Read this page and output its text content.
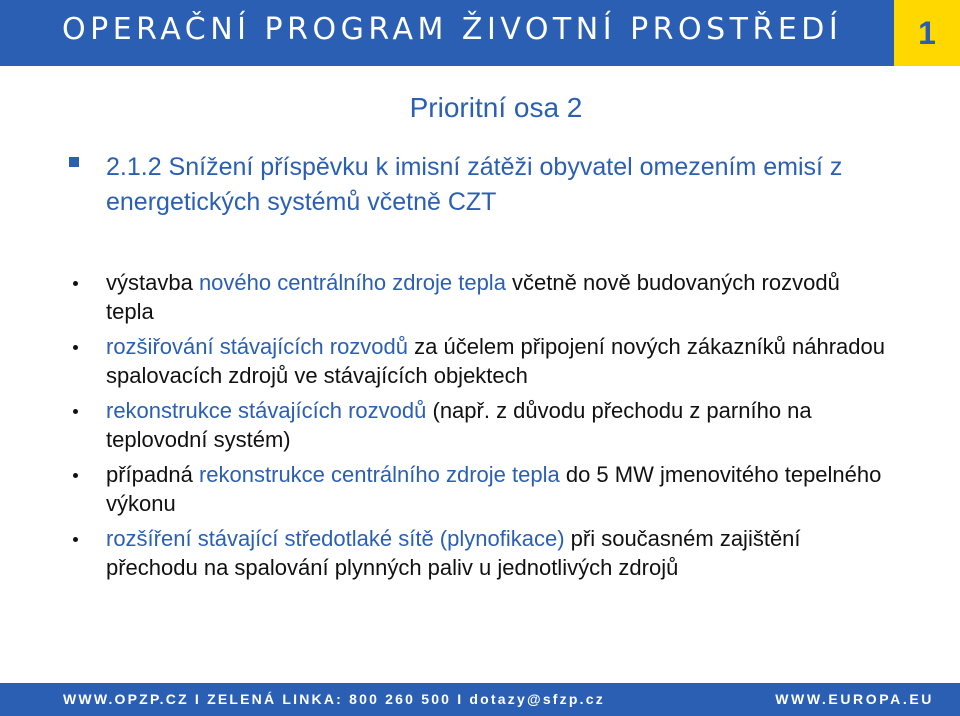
OPERAČNÍ PROGRAM ŽIVOTNÍ PROSTŘEDÍ	1
Prioritní osa 2
2.1.2 Snížení příspěvku k imisní zátěži obyvatel omezením emisí z energetických systémů včetně CZT
výstavba nového centrálního zdroje tepla včetně nově budovaných rozvodů tepla
rozšiřování stávajících rozvodů za účelem připojení nových zákazníků náhradou spalovacích zdrojů ve stávajících objektech
rekonstrukce stávajících rozvodů (např. z důvodu přechodu z parního na teplovodní systém)
případná rekonstrukce centrálního zdroje tepla do 5 MW jmenovitého tepelného výkonu
rozšíření stávající středotlaké sítě (plynofikace) při současném zajištění přechodu na spalování plynných paliv u jednotlivých zdrojů
WWW.OPZP.CZ I ZELENÁ LINKA: 800 260 500 I dotazy@sfzp.cz	WWW.EUROPA.EU
